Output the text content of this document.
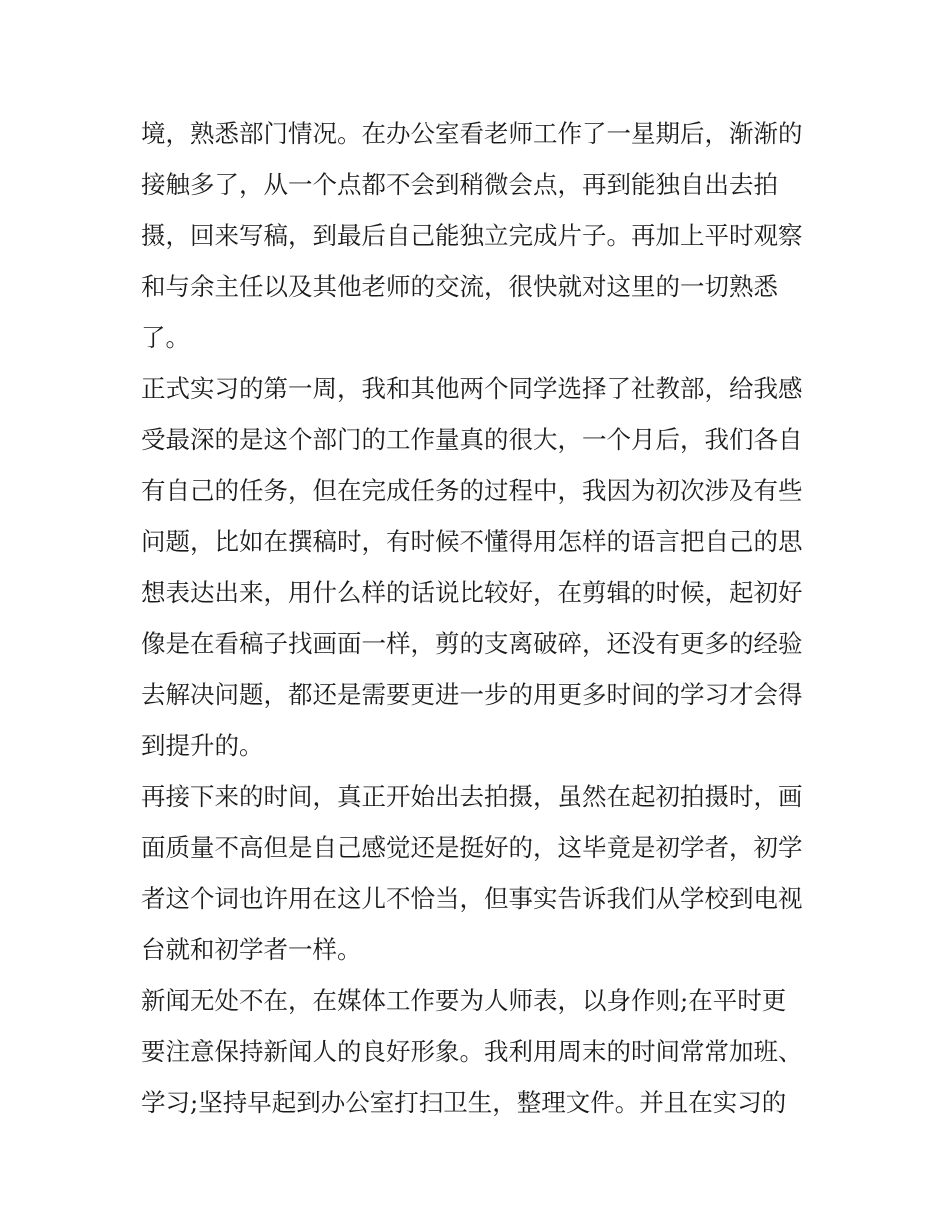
境，熟悉部门情况。在办公室看老师工作了一星期后，渐渐的
接触多了，从一个点都不会到稍微会点，再到能独自出去拍
摄，回来写稿，到最后自己能独立完成片子。再加上平时观察
和与余主任以及其他老师的交流，很快就对这里的一切熟悉
了。
正式实习的第一周，我和其他两个同学选择了社教部，给我感
受最深的是这个部门的工作量真的很大，一个月后，我们各自
有自己的任务，但在完成任务的过程中，我因为初次涉及有些
问题，比如在撰稿时，有时候不懂得用怎样的语言把自己的思
想表达出来，用什么样的话说比较好，在剪辑的时候，起初好
像是在看稿子找画面一样，剪的支离破碎，还没有更多的经验
去解决问题，都还是需要更进一步的用更多时间的学习才会得
到提升的。
再接下来的时间，真正开始出去拍摄，虽然在起初拍摄时，画
面质量不高但是自己感觉还是挺好的，这毕竟是初学者，初学
者这个词也许用在这儿不恰当，但事实告诉我们从学校到电视
台就和初学者一样。
新闻无处不在，在媒体工作要为人师表，以身作则;在平时更
要注意保持新闻人的良好形象。我利用周末的时间常常加班、
学习;坚持早起到办公室打扫卫生，整理文件。并且在实习的
